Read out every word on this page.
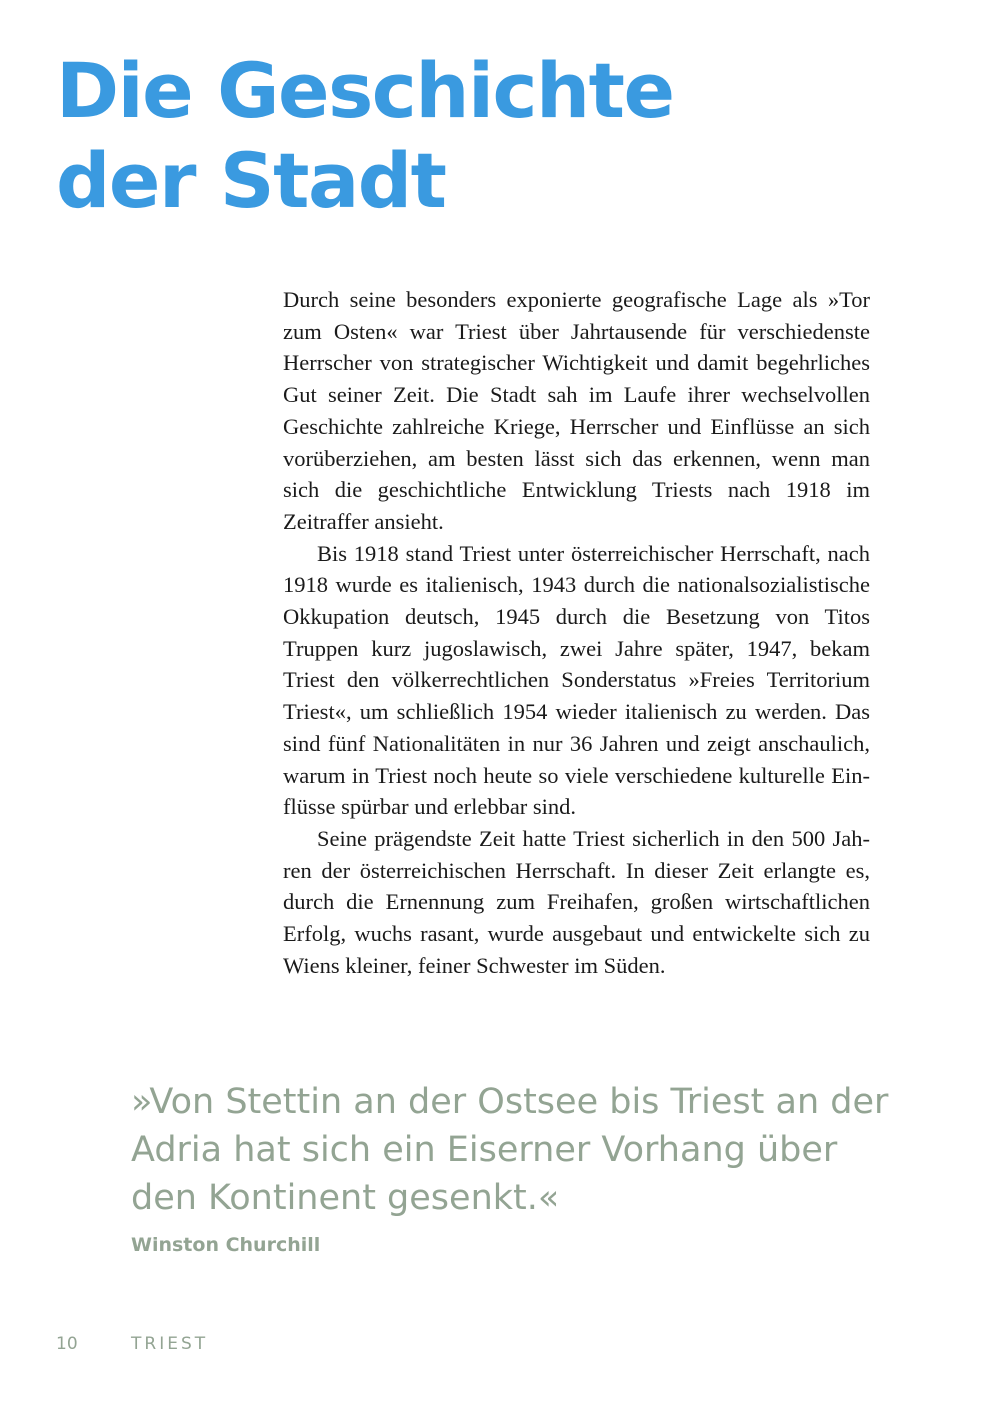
Die Geschichte
der Stadt

Durch seine besonders exponierte geografische Lage als »Tor zum Osten« war Triest über Jahrtausende für verschiedenste Herrscher von strategischer Wichtigkeit und damit begehrliches Gut seiner Zeit. Die Stadt sah im Laufe ihrer wechselvollen Geschichte zahlreiche Kriege, Herrscher und Einflüsse an sich vorüberziehen, am besten lässt sich das erkennen, wenn man sich die geschichtliche Entwicklung Triests nach 1918 im Zeitraffer ansieht.

Bis 1918 stand Triest unter österreichischer Herrschaft, nach 1918 wurde es italienisch, 1943 durch die nationalsozialistische Okkupation deutsch, 1945 durch die Besetzung von Titos Truppen kurz jugoslawisch, zwei Jahre später, 1947, bekam Triest den völkerrechtlichen Sonderstatus »Freies Territorium Triest«, um schließlich 1954 wieder italienisch zu werden. Das sind fünf Nationalitäten in nur 36 Jahren und zeigt anschaulich, warum in Triest noch heute so viele verschiedene kulturelle Einflüsse spürbar und erlebbar sind.

Seine prägendste Zeit hatte Triest sicherlich in den 500 Jahren der österreichischen Herrschaft. In dieser Zeit erlangte es, durch die Ernennung zum Freihafen, großen wirtschaftlichen Erfolg, wuchs rasant, wurde ausgebaut und entwickelte sich zu Wiens kleiner, feiner Schwester im Süden.

»Von Stettin an der Ostsee bis Triest an der
Adria hat sich ein Eiserner Vorhang über
den Kontinent gesenkt.«

Winston Churchill
10	TRIEST
